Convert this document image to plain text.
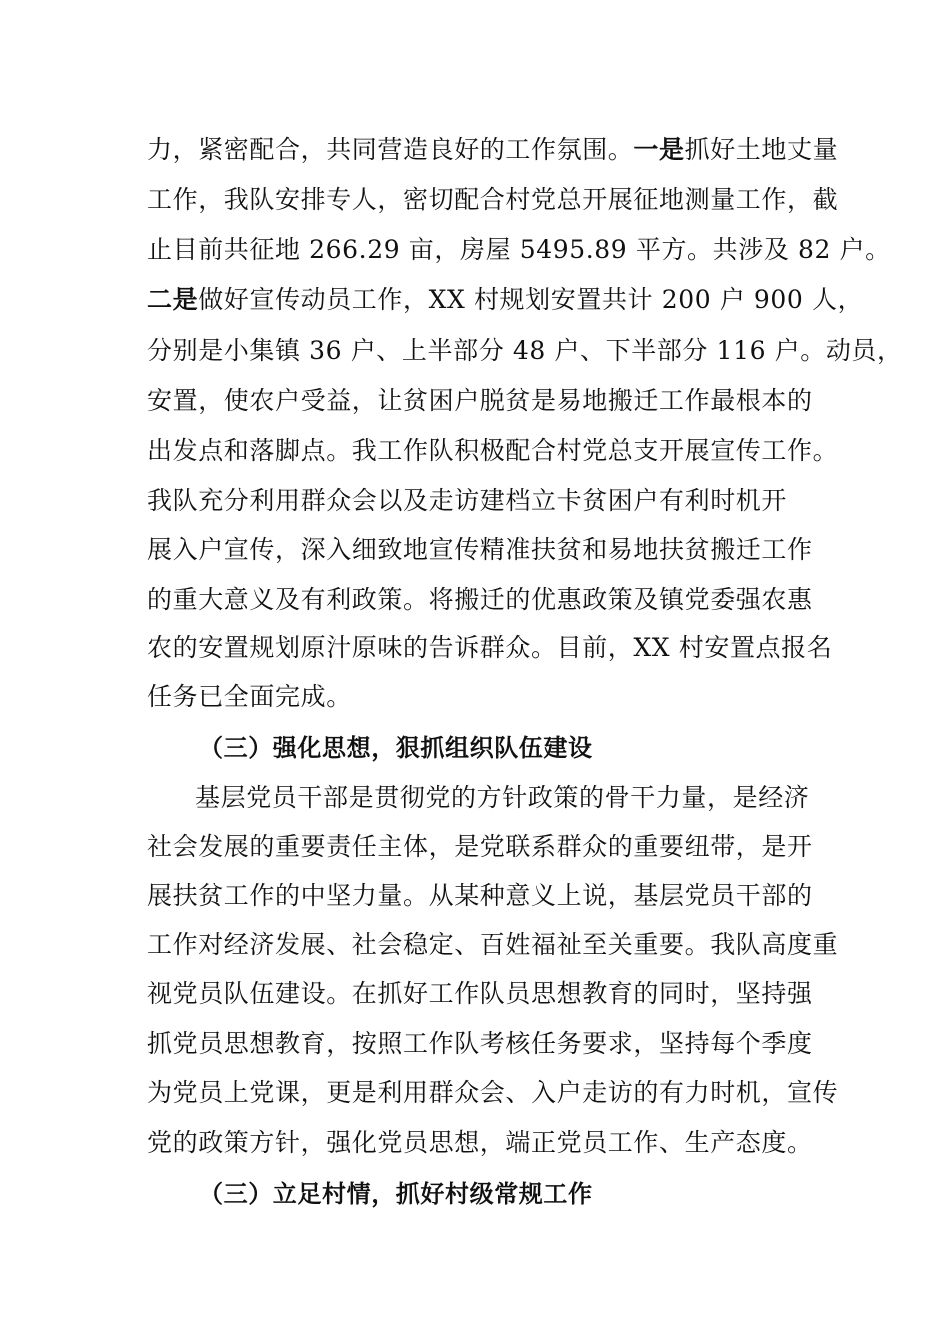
力，紧密配合，共同营造良好的工作氛围。一是抓好土地丈量
工作，我队安排专人，密切配合村党总开展征地测量工作，截
止目前共征地 266.29 亩，房屋 5495.89 平方。共涉及 82 户。
二是做好宣传动员工作，XX 村规划安置共计 200 户 900 人，
分别是小集镇 36 户、上半部分 48 户、下半部分 116 户。动员，
安置，使农户受益，让贫困户脱贫是易地搬迁工作最根本的
出发点和落脚点。我工作队积极配合村党总支开展宣传工作。
我队充分利用群众会以及走访建档立卡贫困户有利时机开
展入户宣传，深入细致地宣传精准扶贫和易地扶贫搬迁工作
的重大意义及有利政策。将搬迁的优惠政策及镇党委强农惠
农的安置规划原汁原味的告诉群众。目前，XX 村安置点报名
任务已全面完成。
（三）强化思想，狠抓组织队伍建设
基层党员干部是贯彻党的方针政策的骨干力量，是经济
社会发展的重要责任主体，是党联系群众的重要纽带，是开
展扶贫工作的中坚力量。从某种意义上说，基层党员干部的
工作对经济发展、社会稳定、百姓福祉至关重要。我队高度重
视党员队伍建设。在抓好工作队员思想教育的同时，坚持强
抓党员思想教育，按照工作队考核任务要求，坚持每个季度
为党员上党课，更是利用群众会、入户走访的有力时机，宣传
党的政策方针，强化党员思想，端正党员工作、生产态度。
（三）立足村情，抓好村级常规工作
